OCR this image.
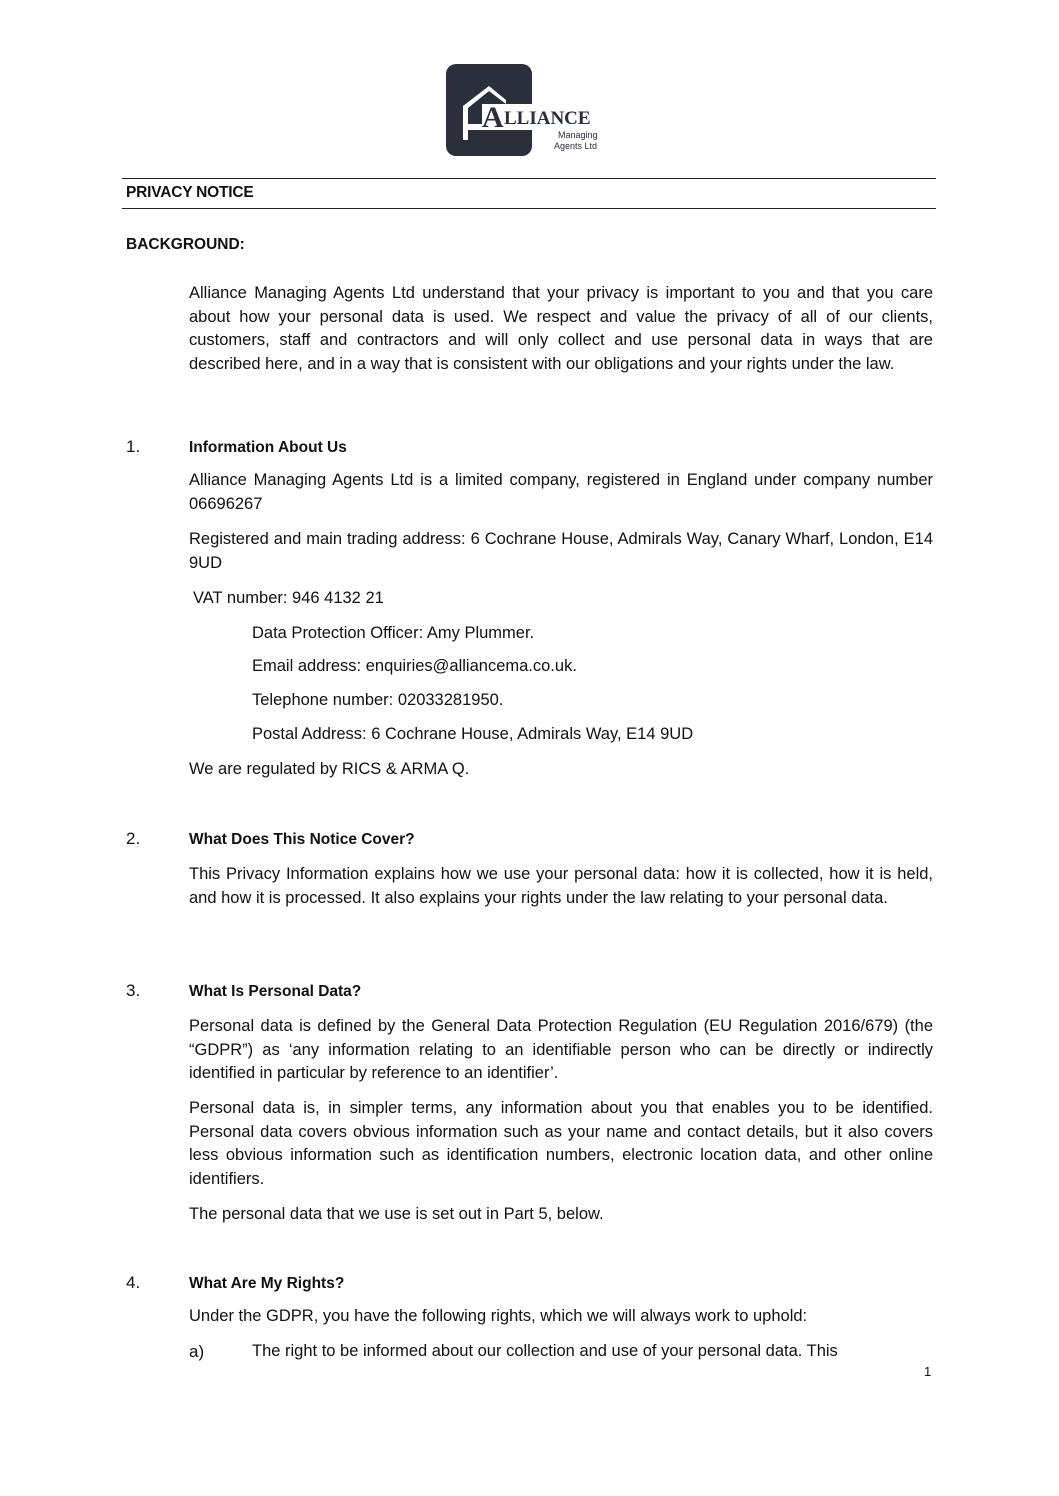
A LLIANCE
Managing
Agents Ltd
PRIVACY NOTICE
BACKGROUND:

Alliance Managing Agents Ltd understand that your privacy is important to you and that you care about how your personal data is used. We respect and value the privacy of all of our clients, customers, staff and contractors and will only collect and use personal data in ways that are described here, and in a way that is consistent with our obligations and your rights under the law.

1.	Information About Us

Alliance Managing Agents Ltd is a limited company, registered in England under company number 06696267

Registered and main trading address: 6 Cochrane House, Admirals Way, Canary Wharf, London, E14 9UD

VAT number: 946 4132 21

Data Protection Officer: Amy Plummer.

Email address: enquiries@alliancema.co.uk.

Telephone number: 02033281950.

Postal Address: 6 Cochrane House, Admirals Way, E14 9UD

We are regulated by RICS & ARMA Q.

2.	What Does This Notice Cover?

This Privacy Information explains how we use your personal data: how it is collected, how it is held, and how it is processed. It also explains your rights under the law relating to your personal data.

3.	What Is Personal Data?

Personal data is defined by the General Data Protection Regulation (EU Regulation 2016/679) (the “GDPR”) as ‘any information relating to an identifiable person who can be directly or indirectly identified in particular by reference to an identifier’.

Personal data is, in simpler terms, any information about you that enables you to be identified. Personal data covers obvious information such as your name and contact details, but it also covers less obvious information such as identification numbers, electronic location data, and other online identifiers.

The personal data that we use is set out in Part 5, below.

4.	What Are My Rights?

Under the GDPR, you have the following rights, which we will always work to uphold:

a)	The right to be informed about our collection and use of your personal data. This

1
